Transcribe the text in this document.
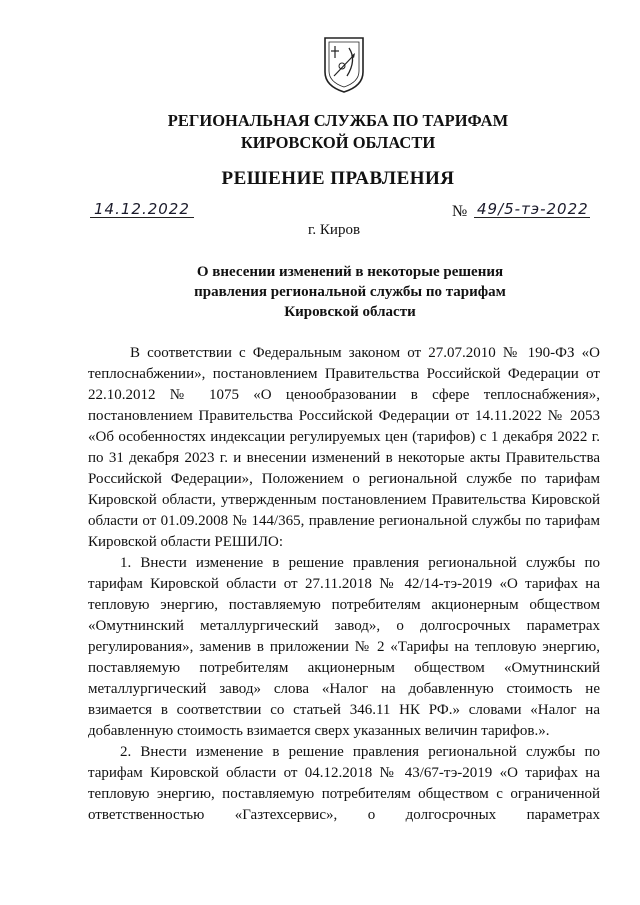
РЕГИОНАЛЬНАЯ СЛУЖБА ПО ТАРИФАМ
КИРОВСКОЙ ОБЛАСТИ
РЕШЕНИЕ ПРАВЛЕНИЯ
14.12.2022	№ 49/5-тэ-2022
г. Киров
О внесении изменений в некоторые решения
правления региональной службы по тарифам
Кировской области

В соответствии с Федеральным законом от 27.07.2010 № 190-ФЗ «О теплоснабжении», постановлением Правительства Российской Федерации от 22.10.2012 № 1075 «О ценообразовании в сфере теплоснабжения», постановлением Правительства Российской Федерации от 14.11.2022 № 2053 «Об особенностях индексации регулируемых цен (тарифов) с 1 декабря 2022 г. по 31 декабря 2023 г. и внесении изменений в некоторые акты Правительства Российской Федерации», Положением о региональной службе по тарифам Кировской области, утвержденным постановлением Правительства Кировской области от 01.09.2008 № 144/365, правление региональной службы по тарифам Кировской области РЕШИЛО:

1. Внести изменение в решение правления региональной службы по тарифам Кировской области от 27.11.2018 № 42/14-тэ-2019 «О тарифах на тепловую энергию, поставляемую потребителям акционерным обществом «Омутнинский металлургический завод», о долгосрочных параметрах регулирования», заменив в приложении № 2 «Тарифы на тепловую энергию, поставляемую потребителям акционерным обществом «Омутнинский металлургический завод» слова «Налог на добавленную стоимость не взимается в соответствии со статьей 346.11 НК РФ.» словами «Налог на добавленную стоимость взимается сверх указанных величин тарифов.».

2. Внести изменение в решение правления региональной службы по тарифам Кировской области от 04.12.2018 № 43/67-тэ-2019 «О тарифах на тепловую энергию, поставляемую потребителям обществом с ограниченной ответственностью «Газтехсервис», о долгосрочных параметрах
